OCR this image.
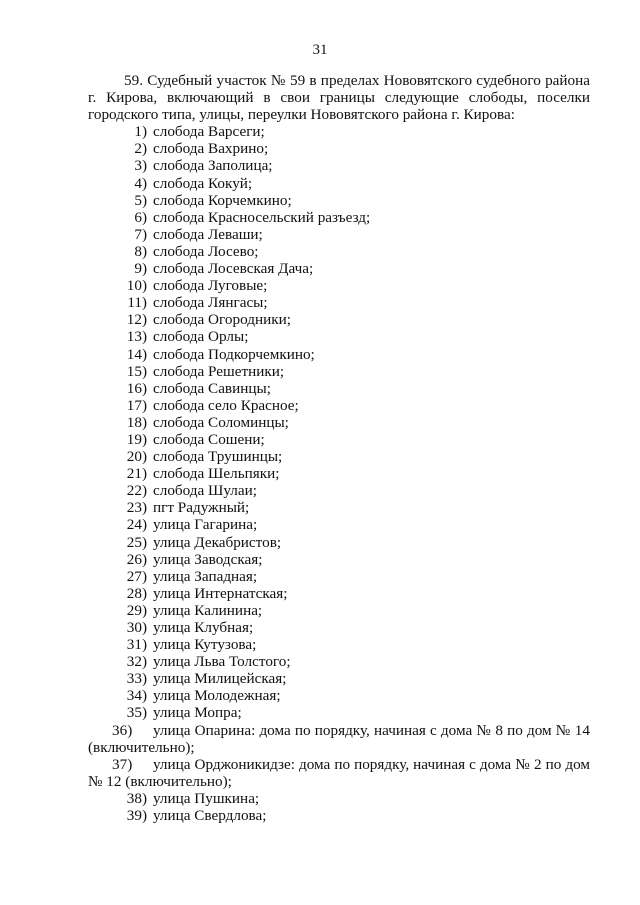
31
59. Судебный участок № 59 в пределах Нововятского судебного района г. Кирова, включающий в свои границы следующие слободы, поселки городского типа, улицы, переулки Нововятского района г. Кирова:
1) слобода Варсеги;
2) слобода Вахрино;
3) слобода Заполица;
4) слобода Кокуй;
5) слобода Корчемкино;
6) слобода Красносельский разъезд;
7) слобода Леваши;
8) слобода Лосево;
9) слобода Лосевская Дача;
10) слобода Луговые;
11) слобода Лянгасы;
12) слобода Огородники;
13) слобода Орлы;
14) слобода Подкорчемкино;
15) слобода Решетники;
16) слобода Савинцы;
17) слобода село Красное;
18) слобода Соломинцы;
19) слобода Сошени;
20) слобода Трушинцы;
21) слобода Шельпяки;
22) слобода Шулаи;
23) пгт Радужный;
24) улица Гагарина;
25) улица Декабристов;
26) улица Заводская;
27) улица Западная;
28) улица Интернатская;
29) улица Калинина;
30) улица Клубная;
31) улица Кутузова;
32) улица Льва Толстого;
33) улица Милицейская;
34) улица Молодежная;
35) улица Мопра;
36) улица Опарина: дома по порядку, начиная с дома № 8 по дом № 14 (включительно);
37) улица Орджоникидзе: дома по порядку, начиная с дома № 2 по дом № 12 (включительно);
38) улица Пушкина;
39) улица Свердлова;
